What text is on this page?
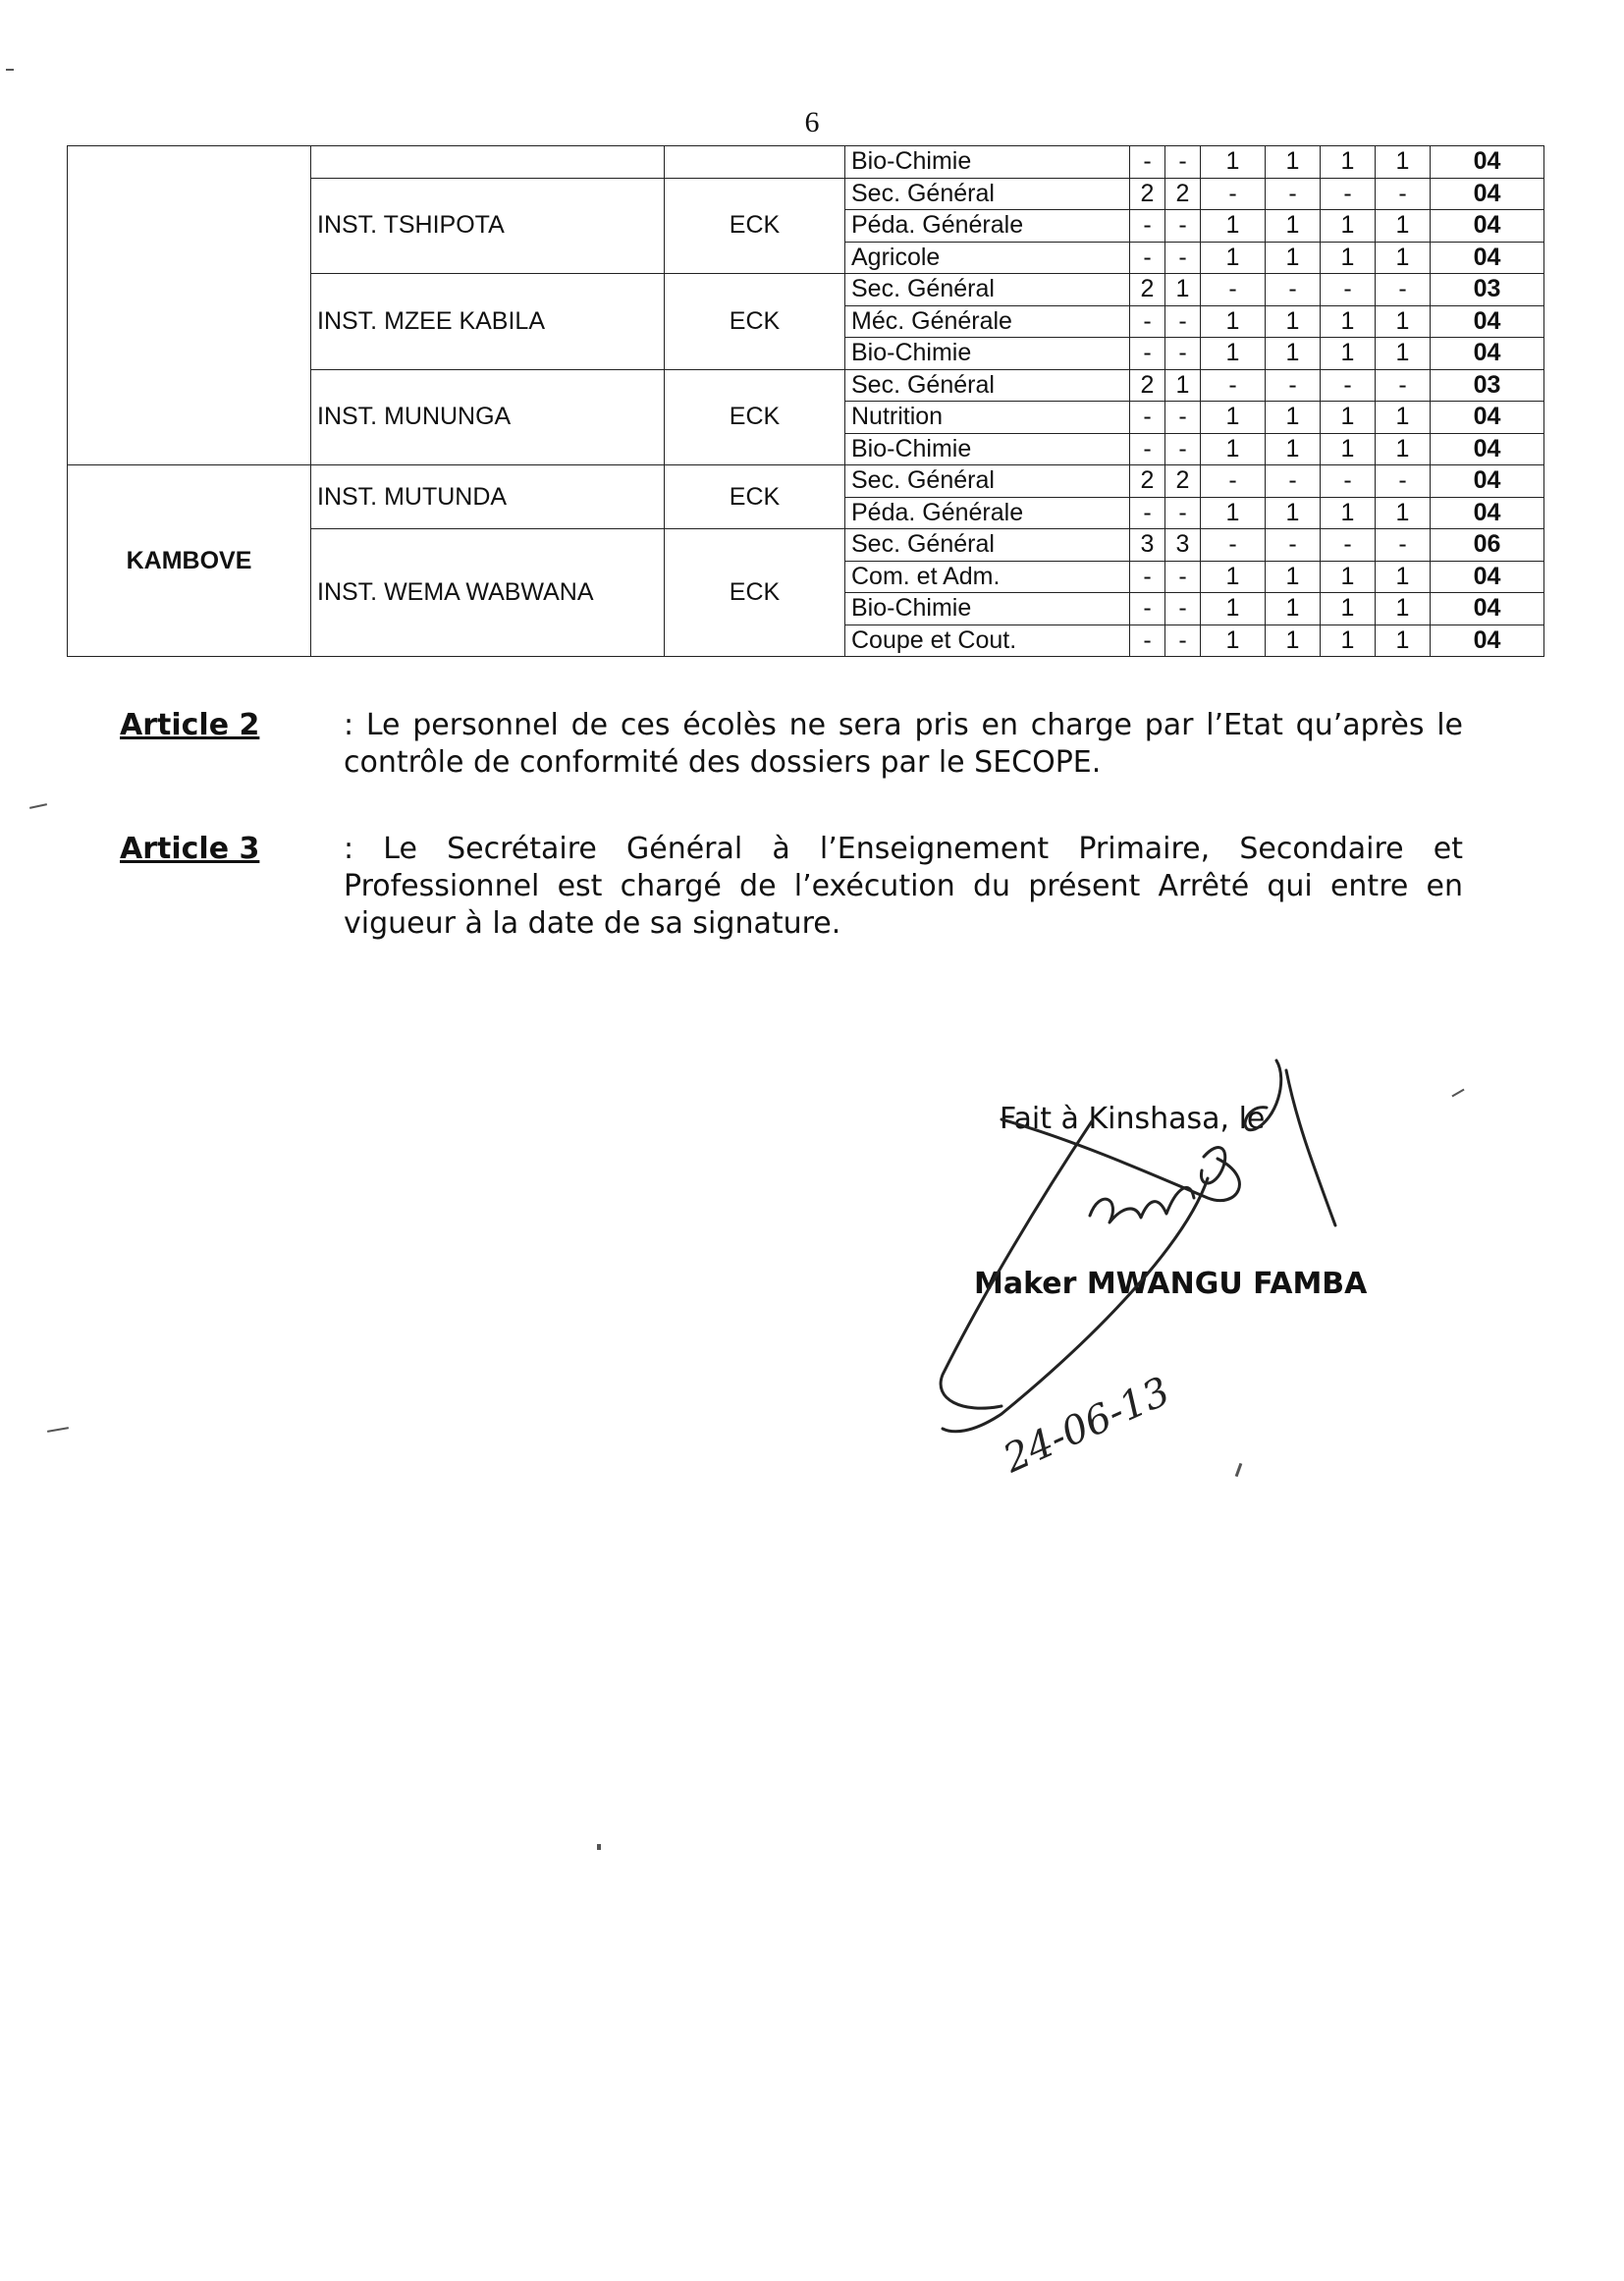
6
			Bio-Chimie	-	-	1	1	1	1	04
	INST. TSHIPOTA	ECK	Sec. Général	2	2	-	-	-	-	04
			Péda. Générale	-	-	1	1	1	1	04
			Agricole	-	-	1	1	1	1	04
	INST. MZEE KABILA	ECK	Sec. Général	2	1	-	-	-	-	03
			Méc. Générale	-	-	1	1	1	1	04
			Bio-Chimie	-	-	1	1	1	1	04
	INST. MUNUNGA	ECK	Sec. Général	2	1	-	-	-	-	03
			Nutrition	-	-	1	1	1	1	04
			Bio-Chimie	-	-	1	1	1	1	04
KAMBOVE	INST. MUTUNDA	ECK	Sec. Général	2	2	-	-	-	-	04
			Péda. Générale	-	-	1	1	1	1	04
	INST. WEMA WABWANA	ECK	Sec. Général	3	3	-	-	-	-	06
			Com. et Adm.	-	-	1	1	1	1	04
			Bio-Chimie	-	-	1	1	1	1	04
			Coupe et Cout.	-	-	1	1	1	1	04
Article 2	: Le personnel de ces écolès ne sera pris en charge par l’Etat qu’après le contrôle de conformité des dossiers par le SECOPE.
Article 3	: Le Secrétaire Général à l’Enseignement Primaire, Secondaire et Professionnel est chargé de l’exécution du présent Arrêté qui entre en vigueur à la date de sa signature.
Fait à Kinshasa, le
Maker MWANGU FAMBA
24-06-13
